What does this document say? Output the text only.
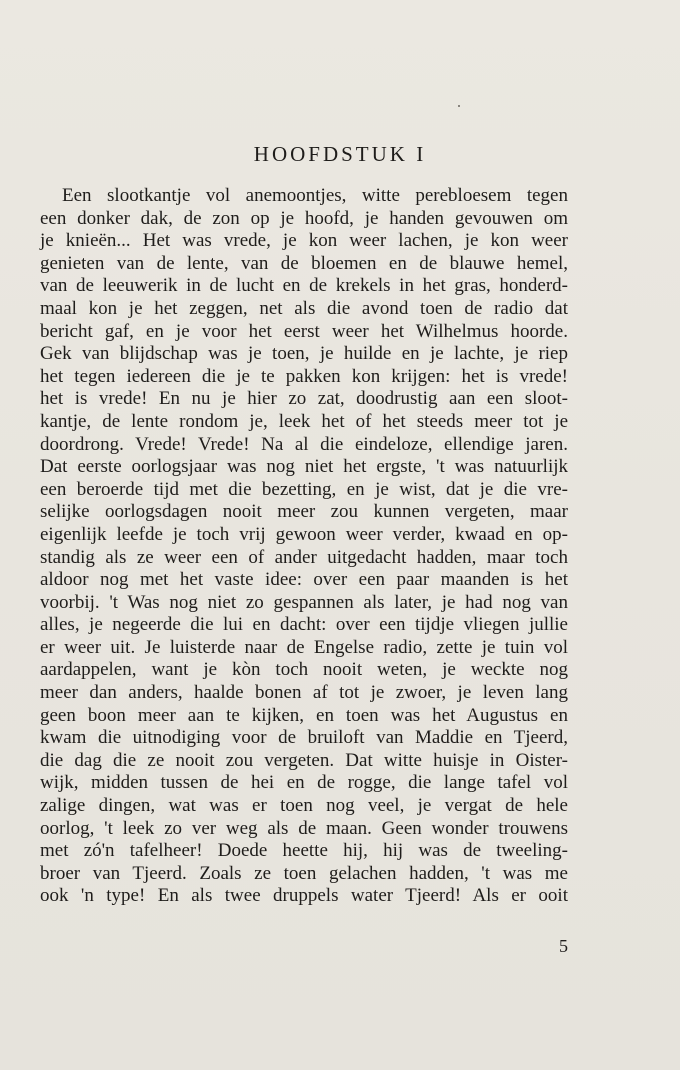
HOOFDSTUK I
Een slootkantje vol anemoontjes, witte perebloesem tegen
een donker dak, de zon op je hoofd, je handen gevouwen om
je knieën... Het was vrede, je kon weer lachen, je kon weer
genieten van de lente, van de bloemen en de blauwe hemel,
van de leeuwerik in de lucht en de krekels in het gras, honderd-
maal kon je het zeggen, net als die avond toen de radio dat
bericht gaf, en je voor het eerst weer het Wilhelmus hoorde.
Gek van blijdschap was je toen, je huilde en je lachte, je riep
het tegen iedereen die je te pakken kon krijgen: het is vrede!
het is vrede! En nu je hier zo zat, doodrustig aan een sloot-
kantje, de lente rondom je, leek het of het steeds meer tot je
doordrong. Vrede! Vrede! Na al die eindeloze, ellendige jaren.
Dat eerste oorlogsjaar was nog niet het ergste, 't was natuurlijk
een beroerde tijd met die bezetting, en je wist, dat je die vre-
selijke oorlogsdagen nooit meer zou kunnen vergeten, maar
eigenlijk leefde je toch vrij gewoon weer verder, kwaad en op-
standig als ze weer een of ander uitgedacht hadden, maar toch
aldoor nog met het vaste idee: over een paar maanden is het
voorbij. 't Was nog niet zo gespannen als later, je had nog van
alles, je negeerde die lui en dacht: over een tijdje vliegen jullie
er weer uit. Je luisterde naar de Engelse radio, zette je tuin vol
aardappelen, want je kòn toch nooit weten, je weckte nog
meer dan anders, haalde bonen af tot je zwoer, je leven lang
geen boon meer aan te kijken, en toen was het Augustus en
kwam die uitnodiging voor de bruiloft van Maddie en Tjeerd,
die dag die ze nooit zou vergeten. Dat witte huisje in Oister-
wijk, midden tussen de hei en de rogge, die lange tafel vol
zalige dingen, wat was er toen nog veel, je vergat de hele
oorlog, 't leek zo ver weg als de maan. Geen wonder trouwens
met zó'n tafelheer! Doede heette hij, hij was de tweeling-
broer van Tjeerd. Zoals ze toen gelachen hadden, 't was me
ook 'n type! En als twee druppels water Tjeerd! Als er ooit
5
